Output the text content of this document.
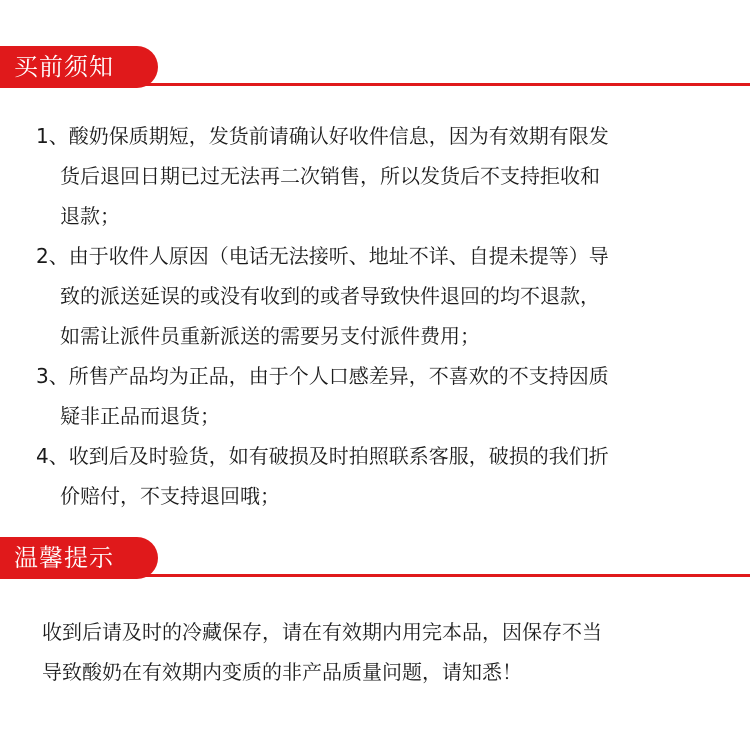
买前须知
1、酸奶保质期短，发货前请确认好收件信息，因为有效期有限发
货后退回日期已过无法再二次销售，所以发货后不支持拒收和
退款；
2、由于收件人原因（电话无法接听、地址不详、自提未提等）导
致的派送延误的或没有收到的或者导致快件退回的均不退款，
如需让派件员重新派送的需要另支付派件费用；
3、所售产品均为正品，由于个人口感差异，不喜欢的不支持因质
疑非正品而退货；
4、收到后及时验货，如有破损及时拍照联系客服，破损的我们折
价赔付，不支持退回哦；
温馨提示
收到后请及时的冷藏保存，请在有效期内用完本品，因保存不当
导致酸奶在有效期内变质的非产品质量问题，请知悉！
